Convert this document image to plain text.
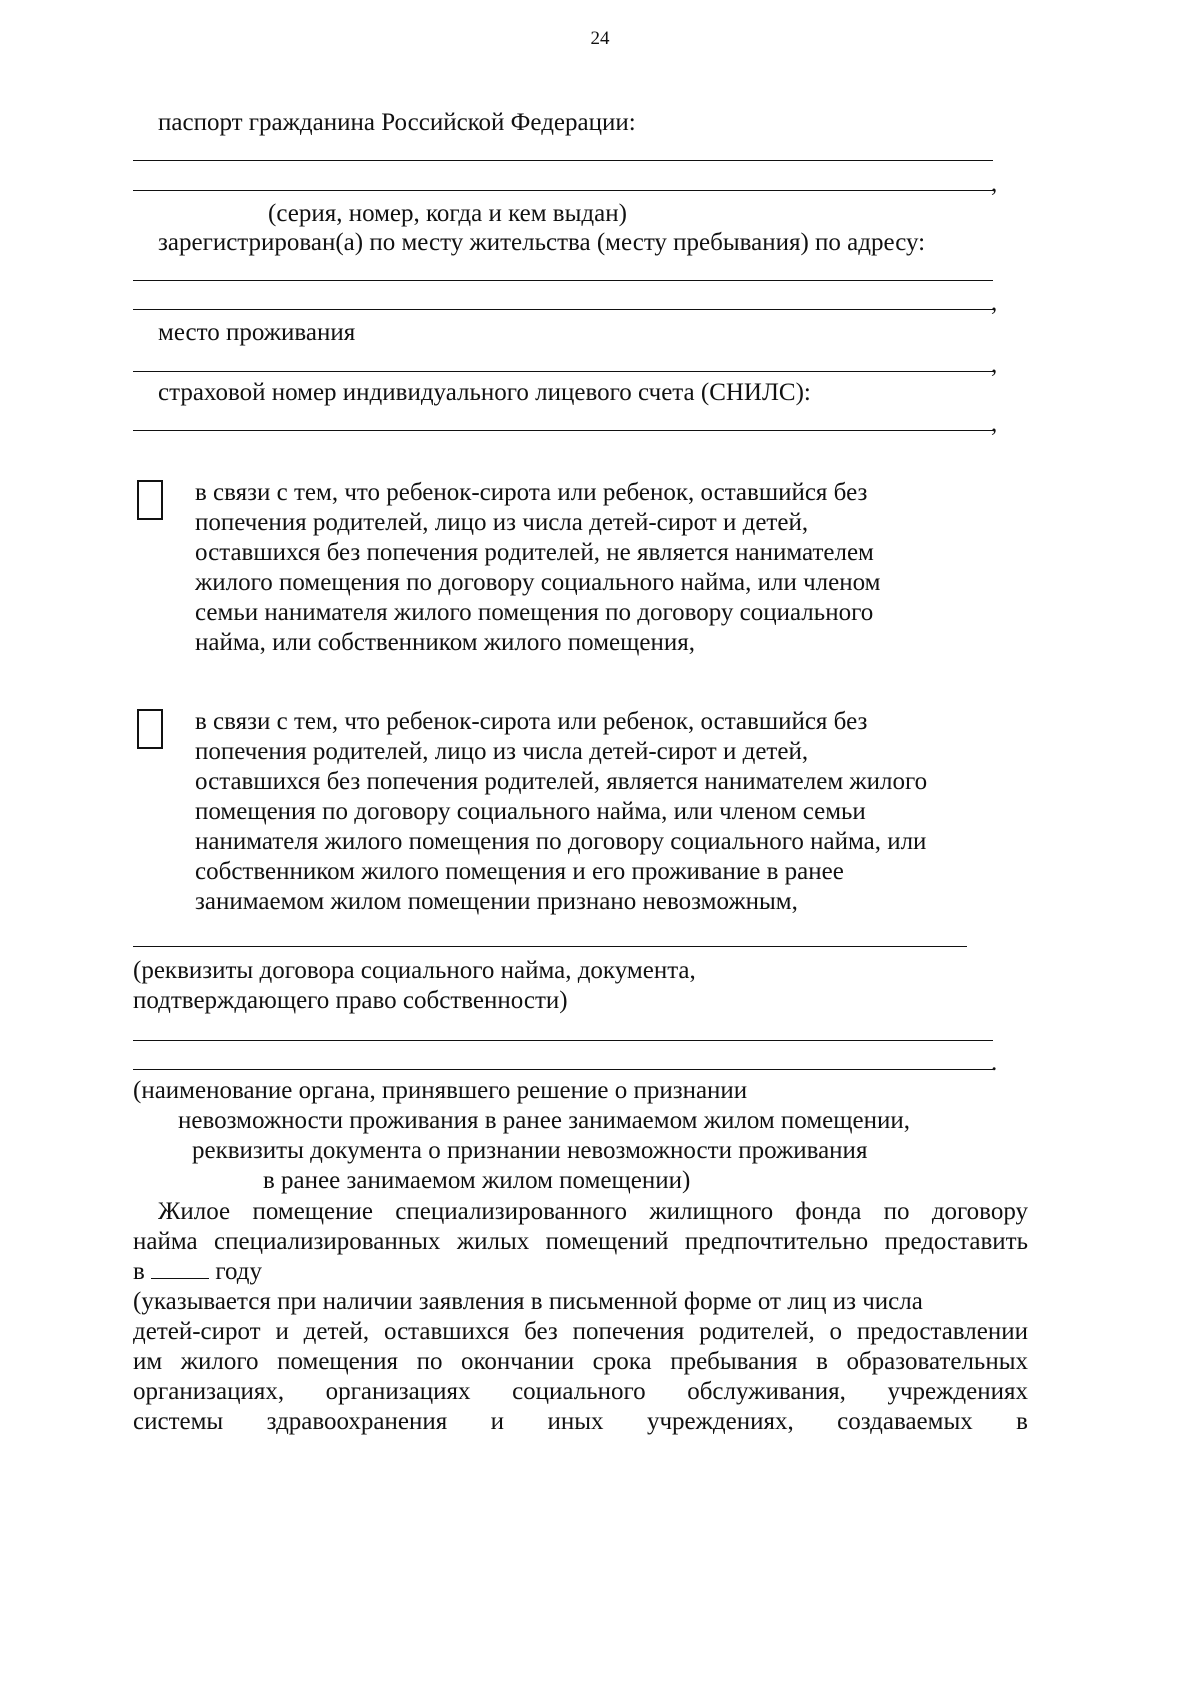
24
паспорт гражданина Российской Федерации:
,
(серия, номер, когда и кем выдан)
зарегистрирован(а) по месту жительства (месту пребывания) по адресу:
,
место проживания
,
страховой номер индивидуального лицевого счета (СНИЛС):
,
в связи с тем, что ребенок-сирота или ребенок, оставшийся без
попечения родителей, лицо из числа детей-сирот и детей,
оставшихся без попечения родителей, не является нанимателем
жилого помещения по договору социального найма, или членом
семьи нанимателя жилого помещения по договору социального
найма, или собственником жилого помещения,
в связи с тем, что ребенок-сирота или ребенок, оставшийся без
попечения родителей, лицо из числа детей-сирот и детей,
оставшихся без попечения родителей, является нанимателем жилого
помещения по договору социального найма, или членом семьи
нанимателя жилого помещения по договору социального найма, или
собственником жилого помещения и его проживание в ранее
занимаемом жилом помещении признано невозможным,
(реквизиты договора социального найма, документа,
подтверждающего право собственности)
.
(наименование органа, принявшего решение о признании
невозможности проживания в ранее занимаемом жилом помещении,
реквизиты документа о признании невозможности проживания
в ранее занимаемом жилом помещении)
Жилое помещение специализированного жилищного фонда по договору
найма специализированных жилых помещений предпочтительно предоставить
в	году
(указывается при наличии заявления в письменной форме от лиц из числа
детей-сирот и детей, оставшихся без попечения родителей, о предоставлении
им жилого помещения по окончании срока пребывания в образовательных
организациях, организациях социального обслуживания, учреждениях
системы здравоохранения и иных учреждениях, создаваемых в
